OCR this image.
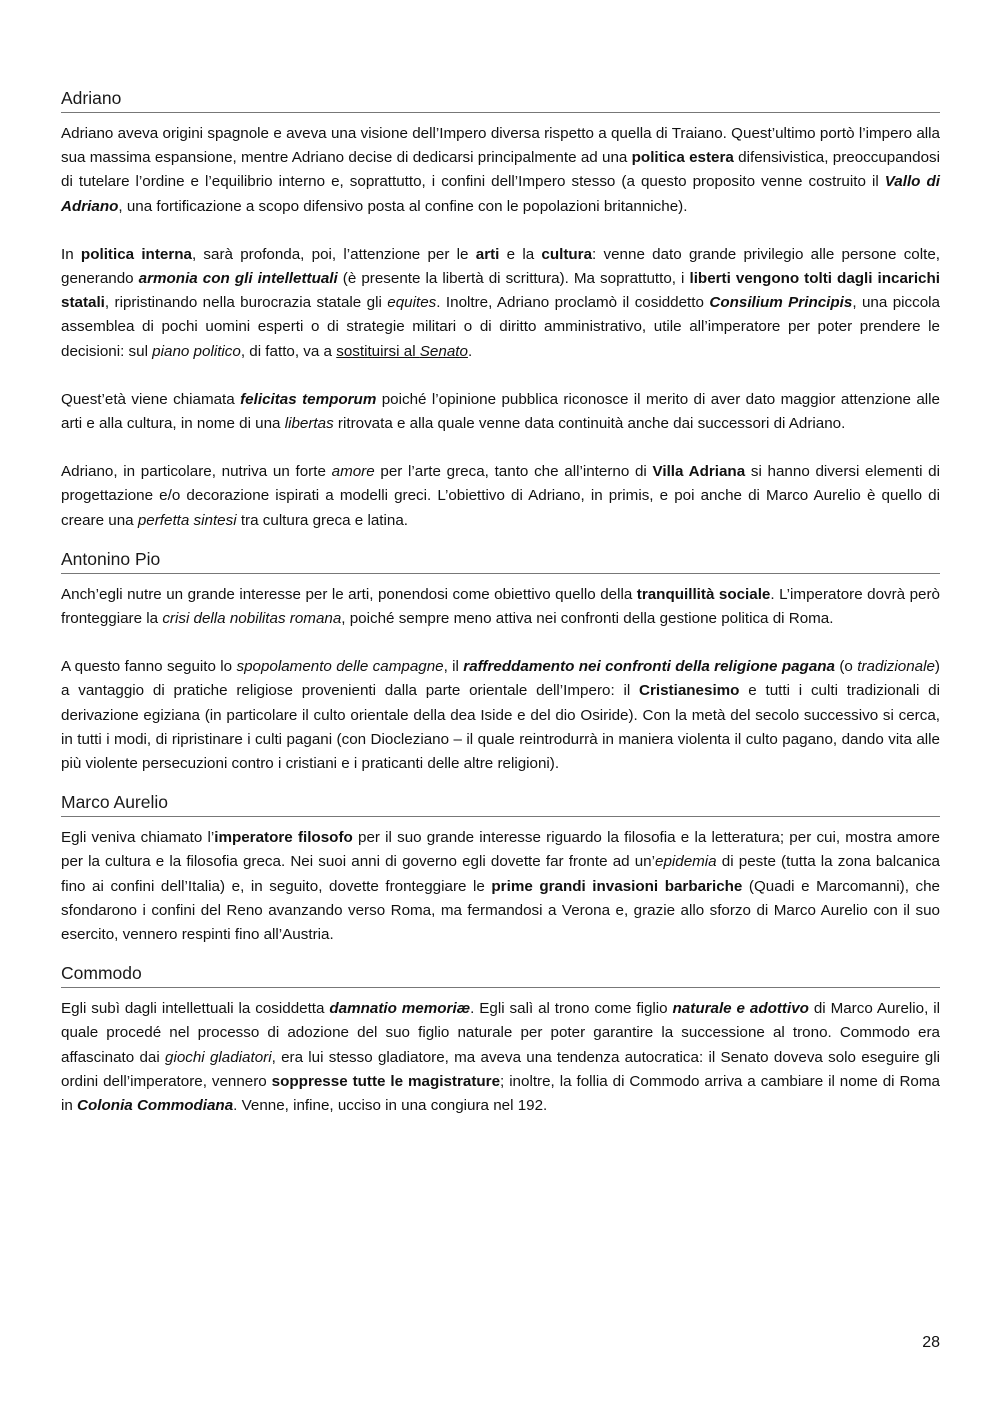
Adriano

Adriano aveva origini spagnole e aveva una visione dell’Impero diversa rispetto a quella di Traiano. Quest’ultimo portò l’impero alla sua massima espansione, mentre Adriano decise di dedicarsi principalmente ad una politica estera difensivistica, preoccupandosi di tutelare l’ordine e l’equilibrio interno e, soprattutto, i confini dell’Impero stesso (a questo proposito venne costruito il Vallo di Adriano, una fortificazione a scopo difensivo posta al confine con le popolazioni britanniche).

In politica interna, sarà profonda, poi, l’attenzione per le arti e la cultura: venne dato grande privilegio alle persone colte, generando armonia con gli intellettuali (è presente la libertà di scrittura). Ma soprattutto, i liberti vengono tolti dagli incarichi statali, ripristinando nella burocrazia statale gli equites. Inoltre, Adriano proclamò il cosiddetto Consilium Principis, una piccola assemblea di pochi uomini esperti o di strategie militari o di diritto amministrativo, utile all’imperatore per poter prendere le decisioni: sul piano politico, di fatto, va a sostituirsi al Senato.

Quest’età viene chiamata felicitas temporum poiché l’opinione pubblica riconosce il merito di aver dato maggior attenzione alle arti e alla cultura, in nome di una libertas ritrovata e alla quale venne data continuità anche dai successori di Adriano.

Adriano, in particolare, nutriva un forte amore per l’arte greca, tanto che all’interno di Villa Adriana si hanno diversi elementi di progettazione e/o decorazione ispirati a modelli greci. L’obiettivo di Adriano, in primis, e poi anche di Marco Aurelio è quello di creare una perfetta sintesi tra cultura greca e latina.

Antonino Pio

Anch’egli nutre un grande interesse per le arti, ponendosi come obiettivo quello della tranquillità sociale. L’imperatore dovrà però fronteggiare la crisi della nobilitas romana, poiché sempre meno attiva nei confronti della gestione politica di Roma.

A questo fanno seguito lo spopolamento delle campagne, il raffreddamento nei confronti della religione pagana (o tradizionale) a vantaggio di pratiche religiose provenienti dalla parte orientale dell’Impero: il Cristianesimo e tutti i culti tradizionali di derivazione egiziana (in particolare il culto orientale della dea Iside e del dio Osiride). Con la metà del secolo successivo si cerca, in tutti i modi, di ripristinare i culti pagani (con Diocleziano – il quale reintrodurrà in maniera violenta il culto pagano, dando vita alle più violente persecuzioni contro i cristiani e i praticanti delle altre religioni).

Marco Aurelio

Egli veniva chiamato l’imperatore filosofo per il suo grande interesse riguardo la filosofia e la letteratura; per cui, mostra amore per la cultura e la filosofia greca. Nei suoi anni di governo egli dovette far fronte ad un’epidemia di peste (tutta la zona balcanica fino ai confini dell’Italia) e, in seguito, dovette fronteggiare le prime grandi invasioni barbariche (Quadi e Marcomanni), che sfondarono i confini del Reno avanzando verso Roma, ma fermandosi a Verona e, grazie allo sforzo di Marco Aurelio con il suo esercito, vennero respinti fino all’Austria.

Commodo

Egli subì dagli intellettuali la cosiddetta damnatio memoriæ. Egli salì al trono come figlio naturale e adottivo di Marco Aurelio, il quale procedé nel processo di adozione del suo figlio naturale per poter garantire la successione al trono. Commodo era affascinato dai giochi gladiatori, era lui stesso gladiatore, ma aveva una tendenza autocratica: il Senato doveva solo eseguire gli ordini dell’imperatore, vennero soppresse tutte le magistrature; inoltre, la follia di Commodo arriva a cambiare il nome di Roma in Colonia Commodiana. Venne, infine, ucciso in una congiura nel 192.

28
